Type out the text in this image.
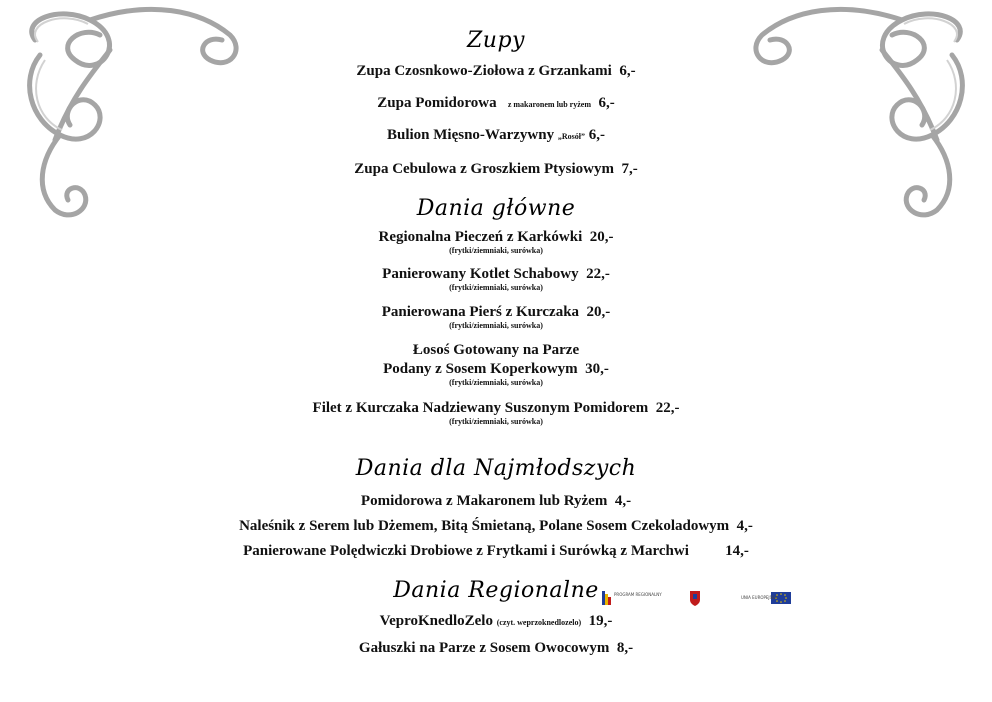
Zupy
Zupa Czosnkowo-Ziołowa z Grzankami 6,-
Zupa Pomidorowa z makaronem lub ryżem 6,-
Bulion Mięsno-Warzywny „Rosół” 6,-
Zupa Cebulowa z Groszkiem Ptysiowym 7,-
Dania główne
Regionalna Pieczeń z Karkówki 20,-
(frytki/ziemniaki, surówka)
Panierowany Kotlet Schabowy 22,-
(frytki/ziemniaki, surówka)
Panierowana Pierś z Kurczaka 20,-
(frytki/ziemniaki, surówka)
Łosoś Gotowany na Parze
Podany z Sosem Koperkowym 30,-
(frytki/ziemniaki, surówka)
Filet z Kurczaka Nadziewany Suszonym Pomidorem 22,-
(frytki/ziemniaki, surówka)
Dania dla Najmłodszych
Pomidorowa z Makaronem lub Ryżem 4,-
Naleśnik z Serem lub Dżemem, Bitą Śmietaną, Polane Sosem Czekoladowym 4,-
Panierowane Polędwiczki Drobiowe z Frytkami i Surówką z Marchwi 14,-
Dania Regionalne
VeproKnedloZelo (czyt. weprzoknedlozelo) 19,-
Gałuszki na Parze z Sosem Owocowym 8,-
PROGRAM REGIONALNY
UNIA EUROPEJSKA
